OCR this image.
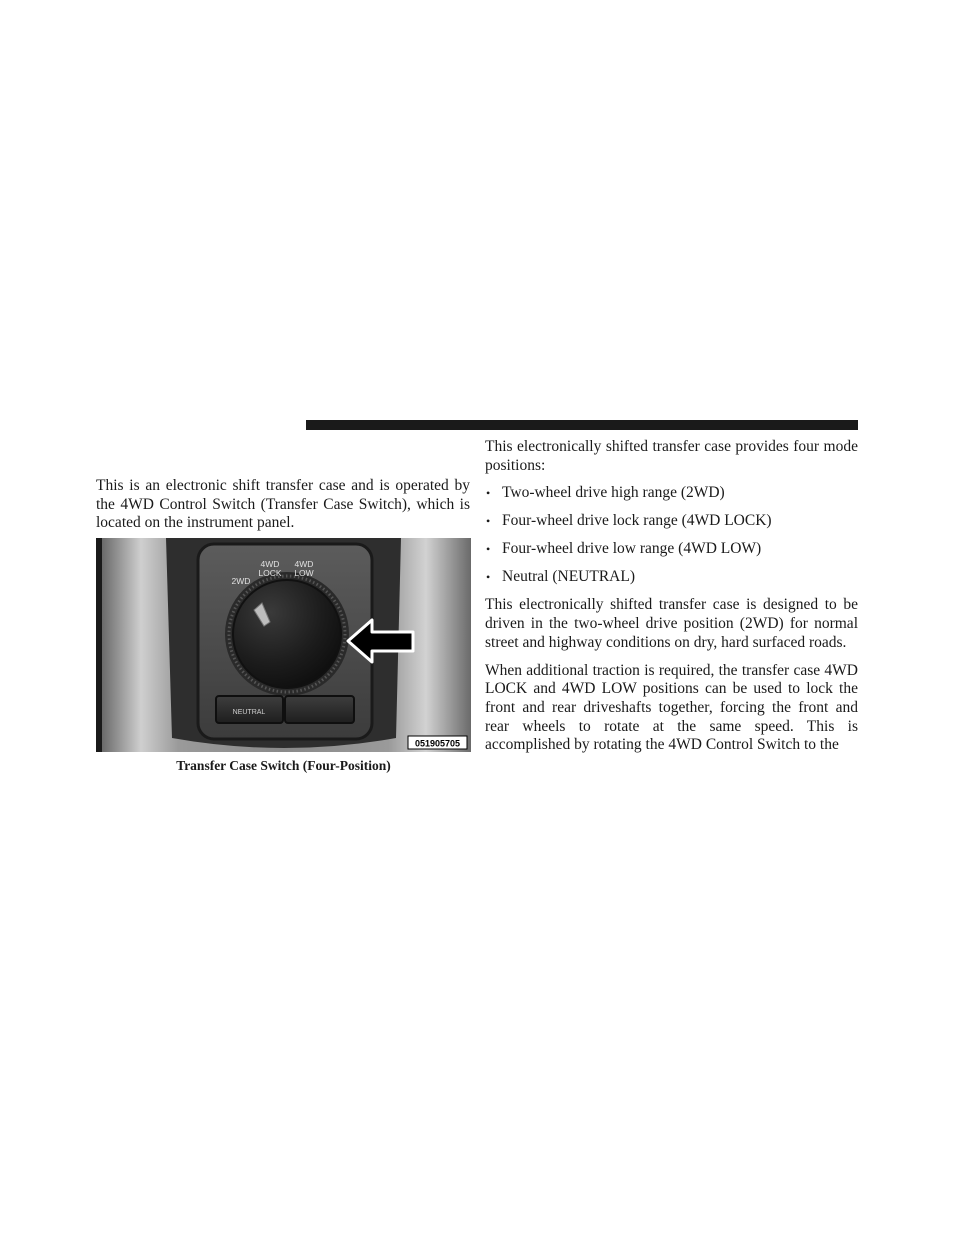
This is an electronic shift transfer case and is operated by the 4WD Control Switch (Transfer Case Switch), which is located on the instrument panel.

NEUTRAL
2WD
4WD
LOCK
4WD
LOW
051905705
Transfer Case Switch (Four-Position)

This electronically shifted transfer case provides four mode positions:

• Two-wheel drive high range (2WD)
• Four-wheel drive lock range (4WD LOCK)
• Four-wheel drive low range (4WD LOW)
• Neutral (NEUTRAL)

This electronically shifted transfer case is designed to be driven in the two-wheel drive position (2WD) for normal street and highway conditions on dry, hard surfaced roads.

When additional traction is required, the transfer case 4WD LOCK and 4WD LOW positions can be used to lock the front and rear driveshafts together, forcing the front and rear wheels to rotate at the same speed. This is accomplished by rotating the 4WD Control Switch to the
